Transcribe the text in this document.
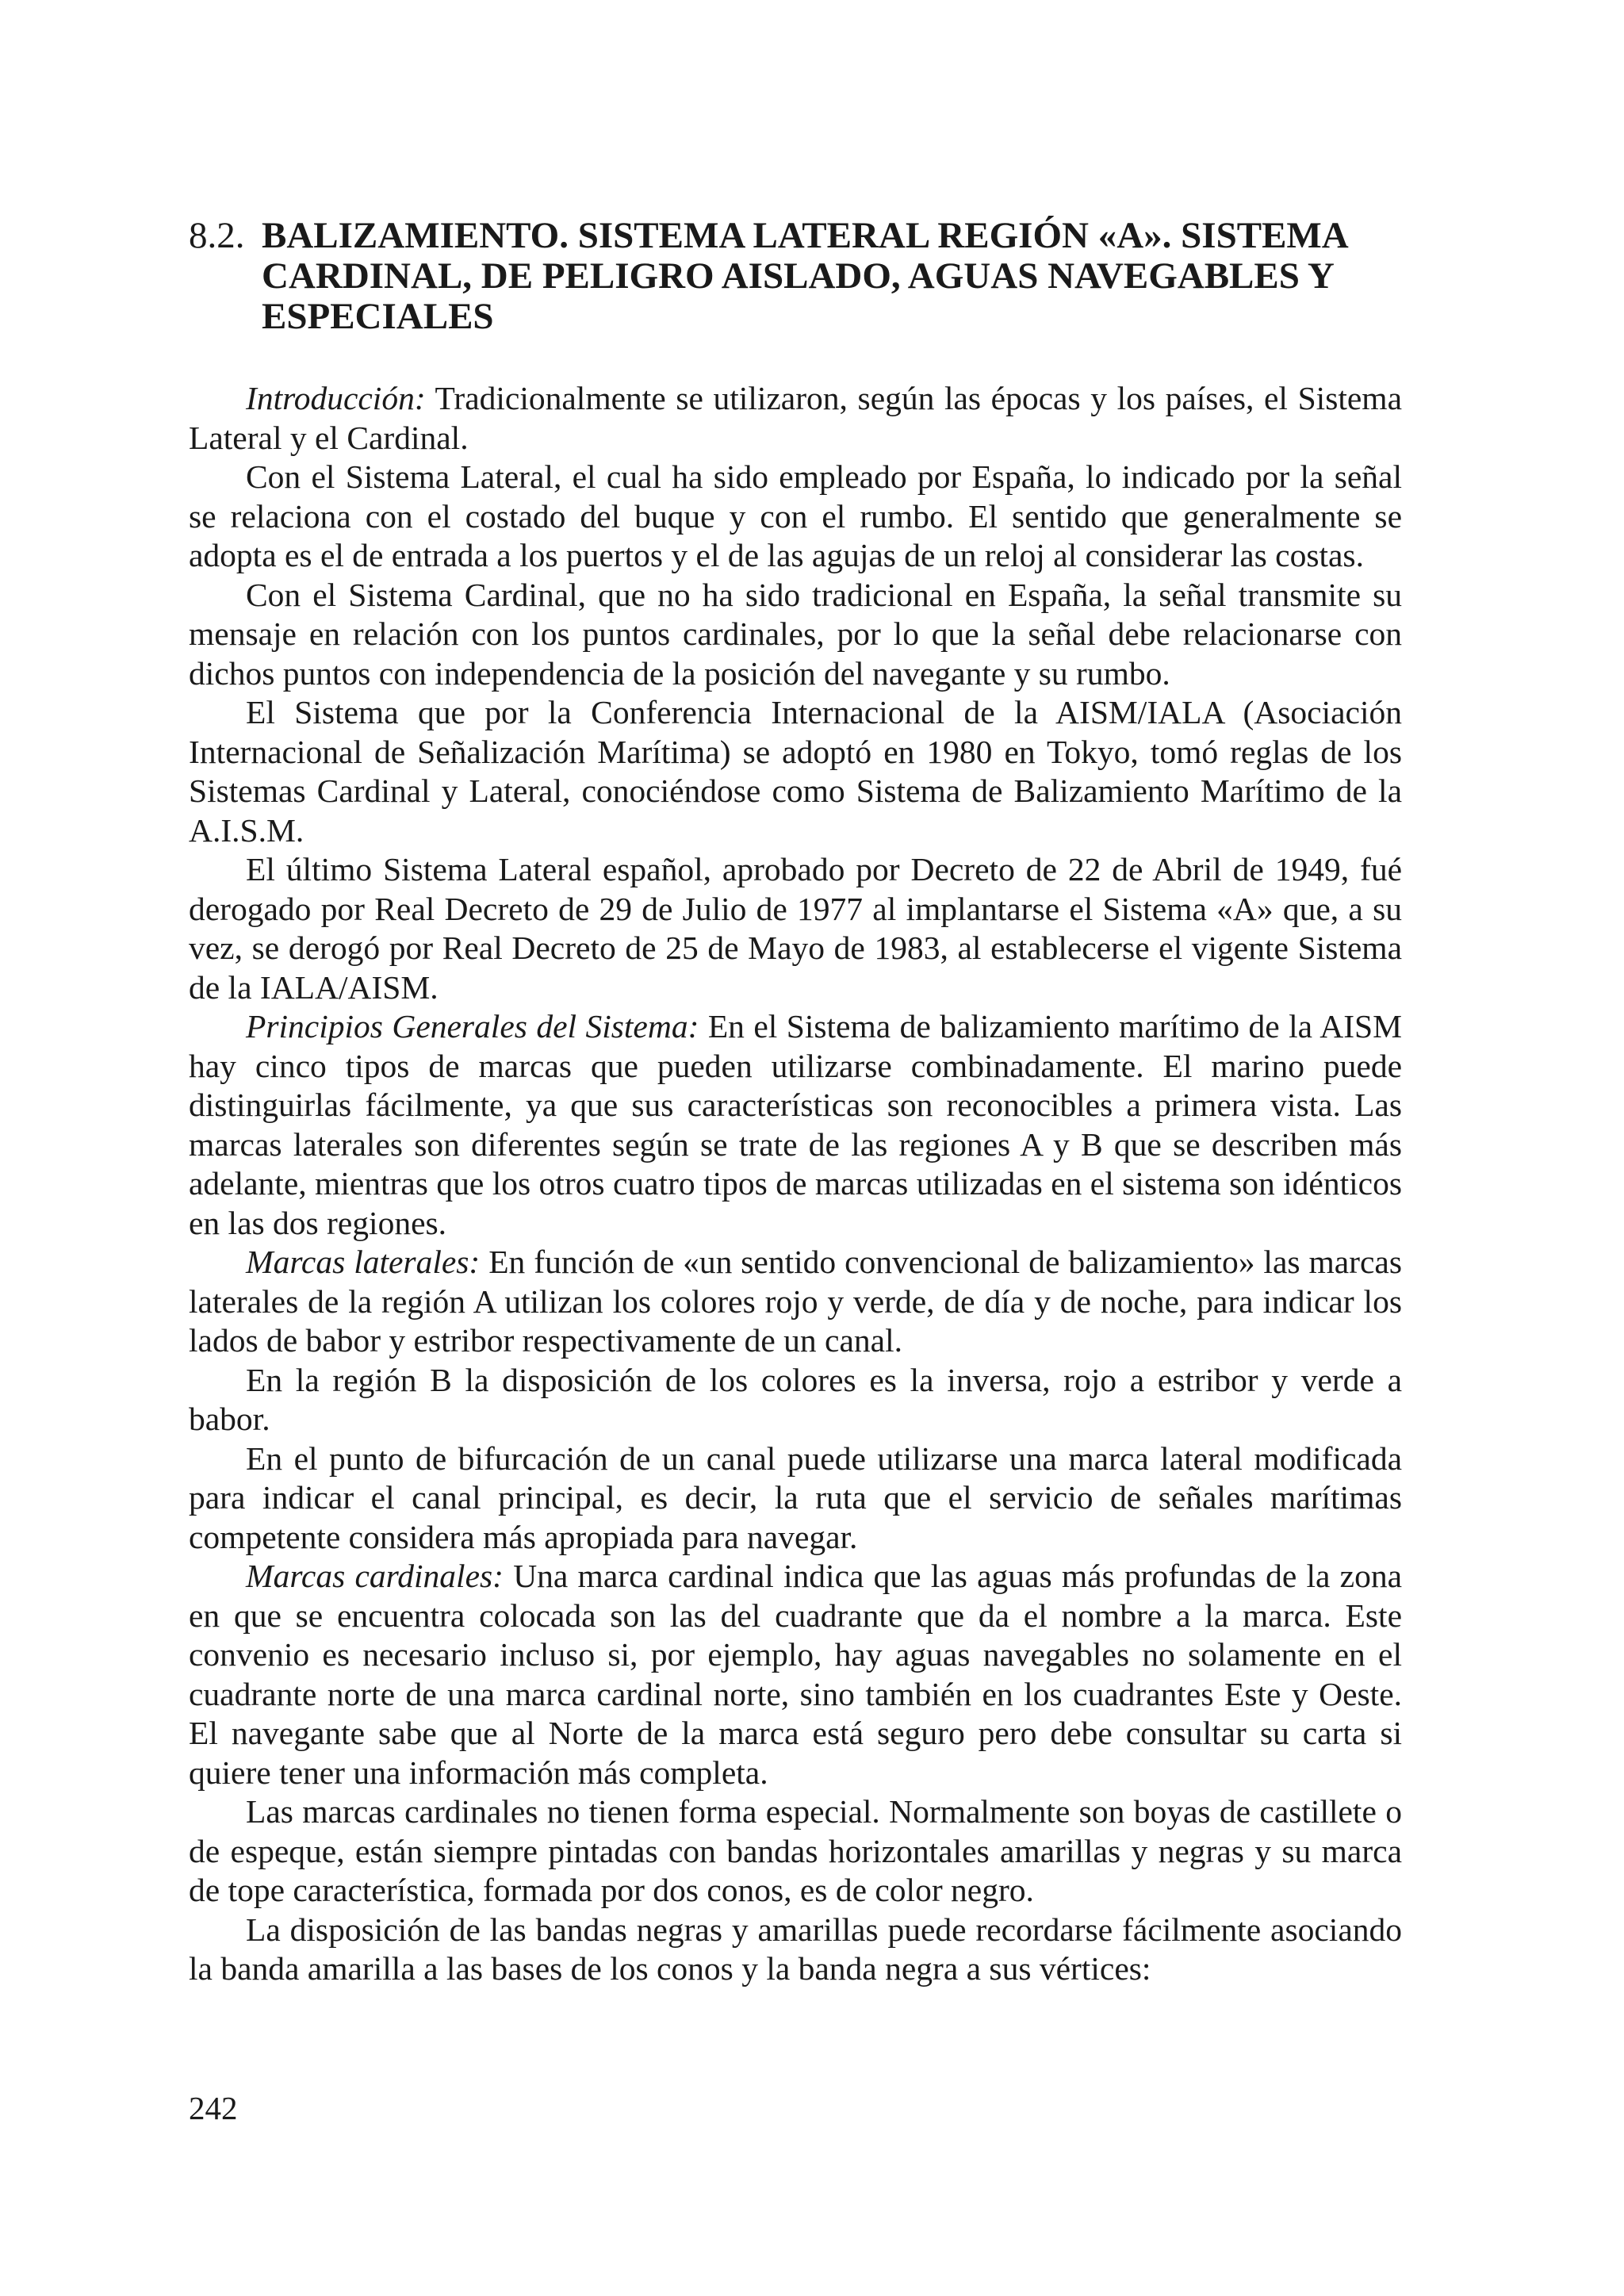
8.2. BALIZAMIENTO. SISTEMA LATERAL REGIÓN «A». SISTEMA CARDINAL, DE PELIGRO AISLADO, AGUAS NAVEGABLES Y ESPECIALES

Introducción: Tradicionalmente se utilizaron, según las épocas y los países, el Sistema Lateral y el Cardinal.

Con el Sistema Lateral, el cual ha sido empleado por España, lo indicado por la señal se relaciona con el costado del buque y con el rumbo. El sentido que generalmente se adopta es el de entrada a los puertos y el de las agujas de un reloj al considerar las costas.

Con el Sistema Cardinal, que no ha sido tradicional en España, la señal transmite su mensaje en relación con los puntos cardinales, por lo que la señal debe relacionarse con dichos puntos con independencia de la posición del navegante y su rumbo.

El Sistema que por la Conferencia Internacional de la AISM/IALA (Asociación Internacional de Señalización Marítima) se adoptó en 1980 en Tokyo, tomó reglas de los Sistemas Cardinal y Lateral, conociéndose como Sistema de Balizamiento Marítimo de la A.I.S.M.

El último Sistema Lateral español, aprobado por Decreto de 22 de Abril de 1949, fué derogado por Real Decreto de 29 de Julio de 1977 al implantarse el Sistema «A» que, a su vez, se derogó por Real Decreto de 25 de Mayo de 1983, al establecerse el vigente Sistema de la IALA/AISM.

Principios Generales del Sistema: En el Sistema de balizamiento marítimo de la AISM hay cinco tipos de marcas que pueden utilizarse combinadamente. El marino puede distinguirlas fácilmente, ya que sus características son reconocibles a primera vista. Las marcas laterales son diferentes según se trate de las regiones A y B que se describen más adelante, mientras que los otros cuatro tipos de marcas utilizadas en el sistema son idénticos en las dos regiones.

Marcas laterales: En función de «un sentido convencional de balizamiento» las marcas laterales de la región A utilizan los colores rojo y verde, de día y de noche, para indicar los lados de babor y estribor respectivamente de un canal.

En la región B la disposición de los colores es la inversa, rojo a estribor y verde a babor.

En el punto de bifurcación de un canal puede utilizarse una marca lateral modificada para indicar el canal principal, es decir, la ruta que el servicio de señales marítimas competente considera más apropiada para navegar.

Marcas cardinales: Una marca cardinal indica que las aguas más profundas de la zona en que se encuentra colocada son las del cuadrante que da el nombre a la marca. Este convenio es necesario incluso si, por ejemplo, hay aguas navegables no solamente en el cuadrante norte de una marca cardinal norte, sino también en los cuadrantes Este y Oeste. El navegante sabe que al Norte de la marca está seguro pero debe consultar su carta si quiere tener una información más completa.

Las marcas cardinales no tienen forma especial. Normalmente son boyas de castillete o de espeque, están siempre pintadas con bandas horizontales amarillas y negras y su marca de tope característica, formada por dos conos, es de color negro.

La disposición de las bandas negras y amarillas puede recordarse fácilmente asociando la banda amarilla a las bases de los conos y la banda negra a sus vértices:

242
